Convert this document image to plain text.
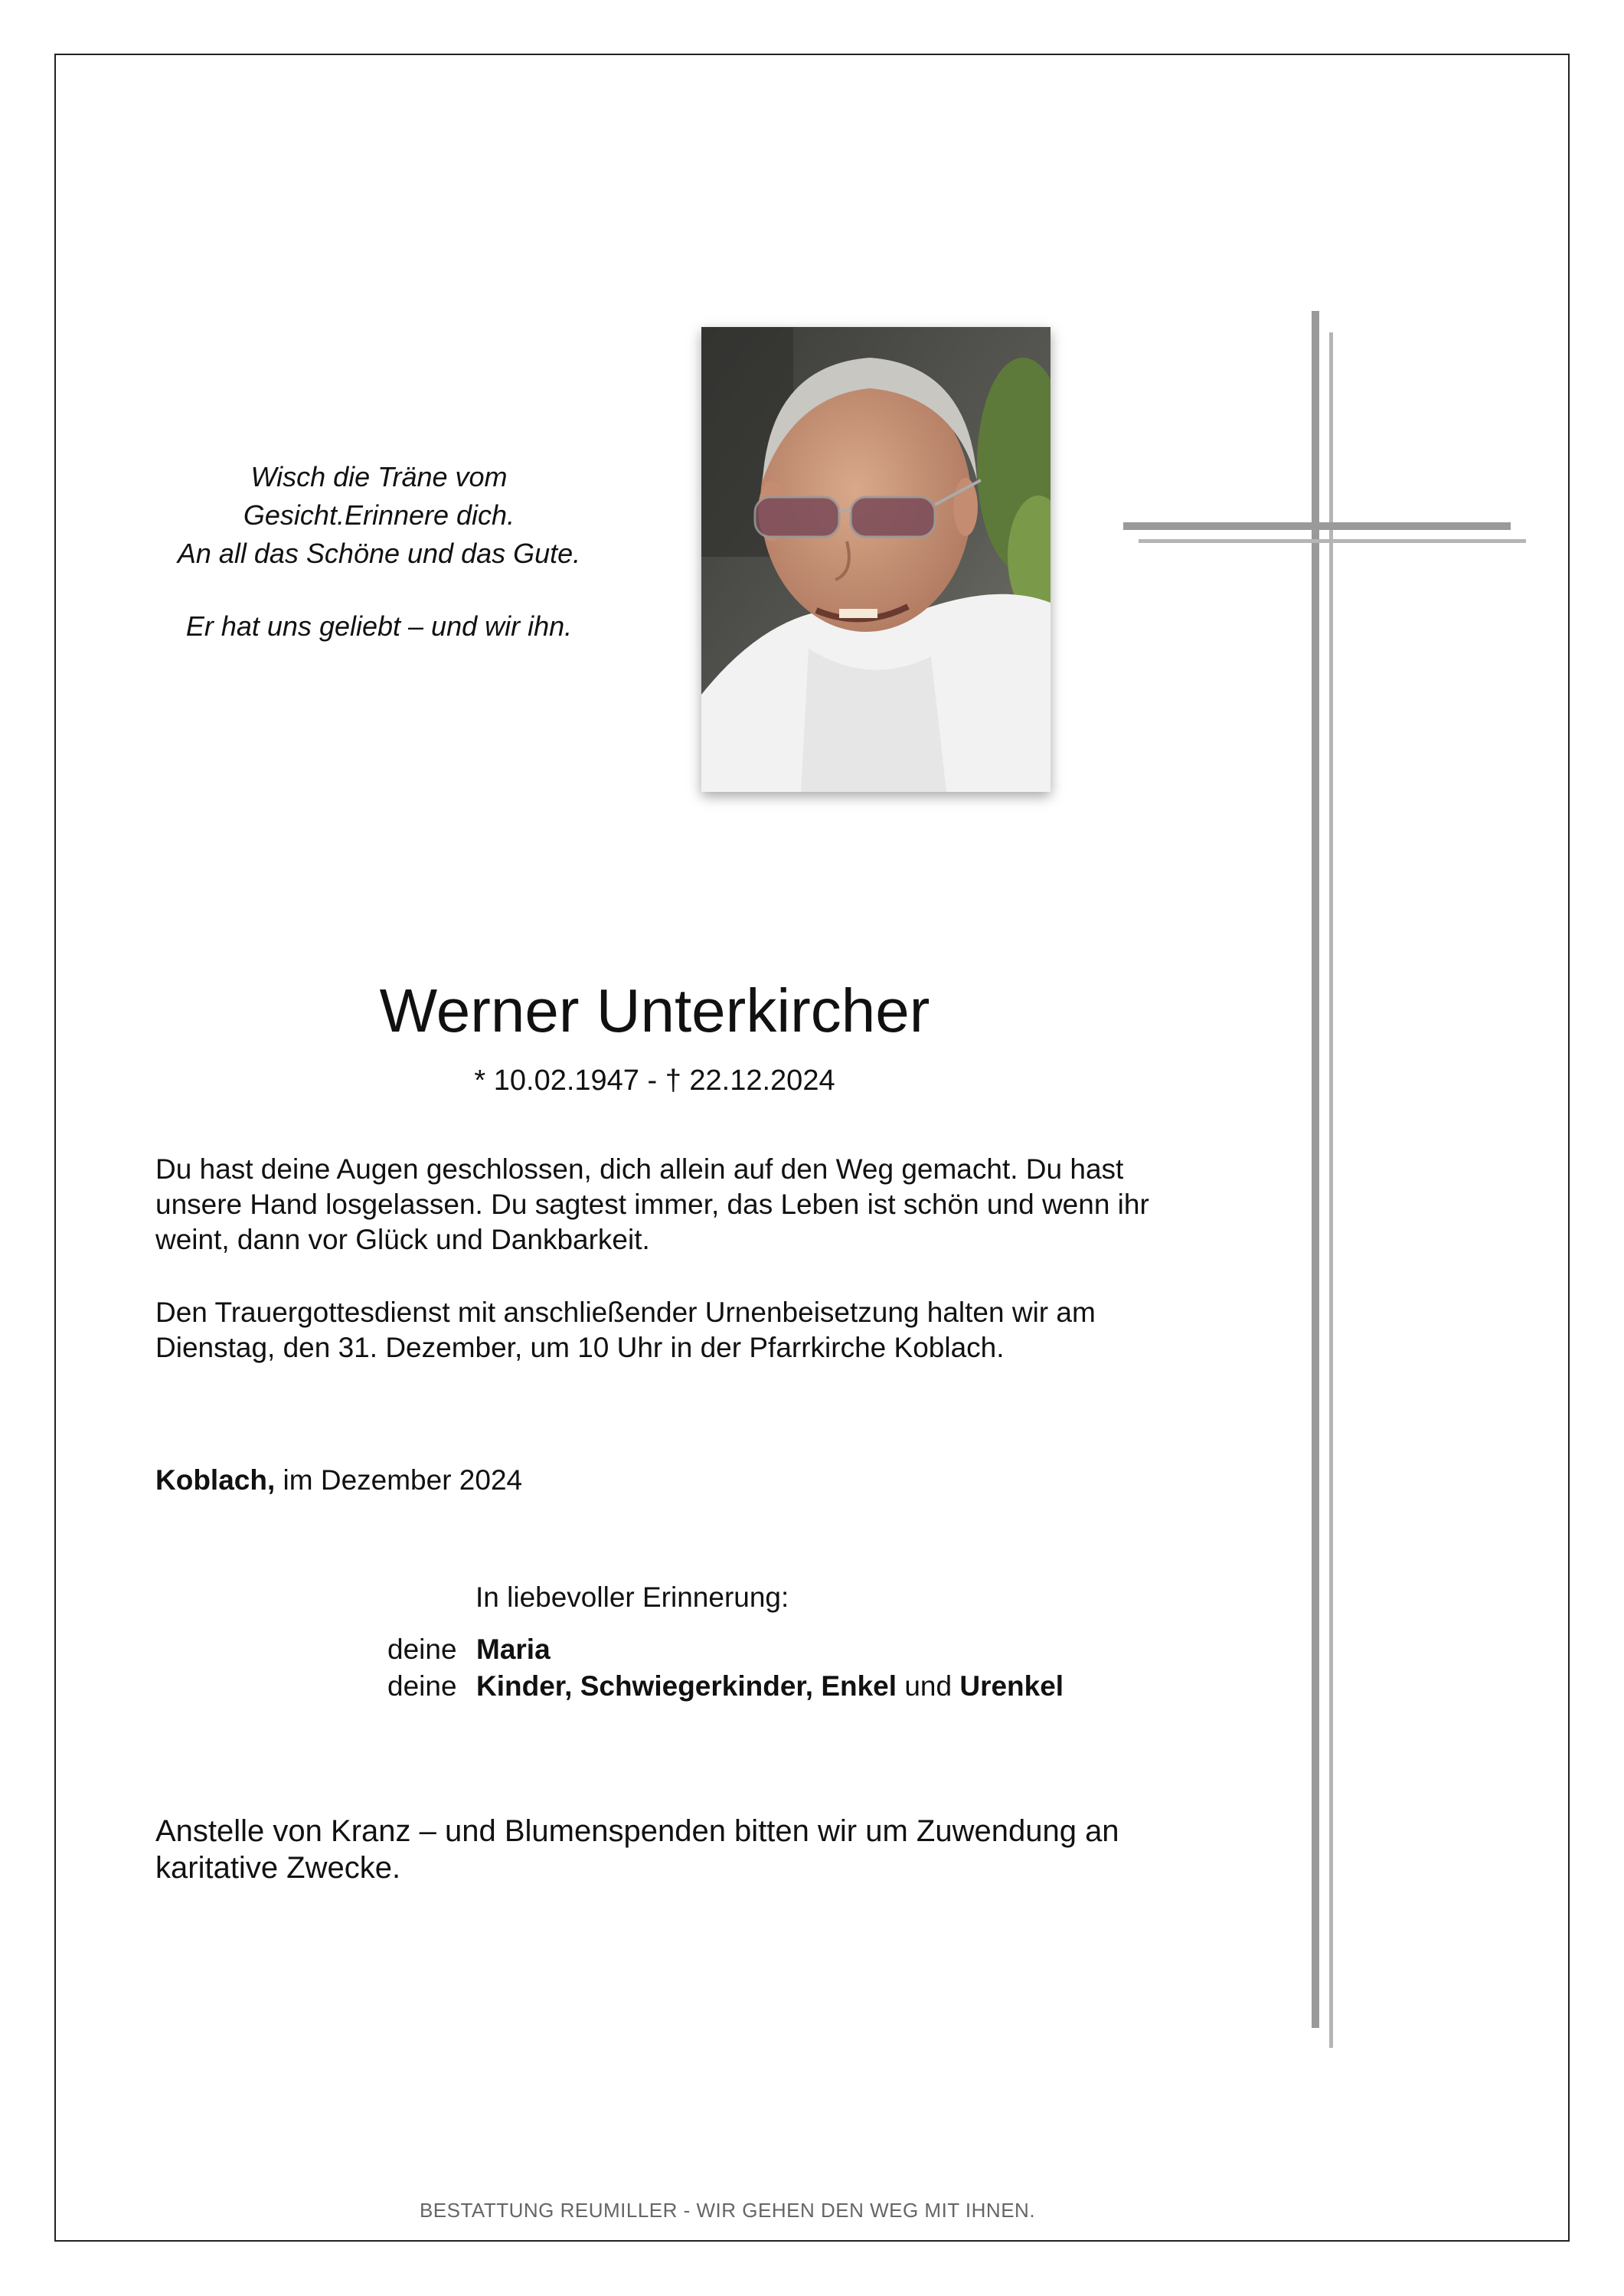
Wisch die Träne vom
Gesicht.Erinnere dich.
An all das Schöne und das Gute.
Er hat uns geliebt – und wir ihn.
Werner Unterkircher
* 10.02.1947 - † 22.12.2024
Du hast deine Augen geschlossen, dich allein auf den Weg gemacht. Du hast unsere Hand losgelassen. Du sagtest immer, das Leben ist schön und wenn ihr weint, dann vor Glück und Dankbarkeit.
Den Trauergottesdienst mit anschließender Urnenbeisetzung halten wir am Dienstag, den 31. Dezember, um 10 Uhr in der Pfarrkirche Koblach.
Koblach, im Dezember 2024
In liebevoller Erinnerung:
deine Maria
deine Kinder, Schwiegerkinder, Enkel und Urenkel
Anstelle von Kranz – und Blumenspenden bitten wir um Zuwendung an karitative Zwecke.
BESTATTUNG REUMILLER - WIR GEHEN DEN WEG MIT IHNEN.
